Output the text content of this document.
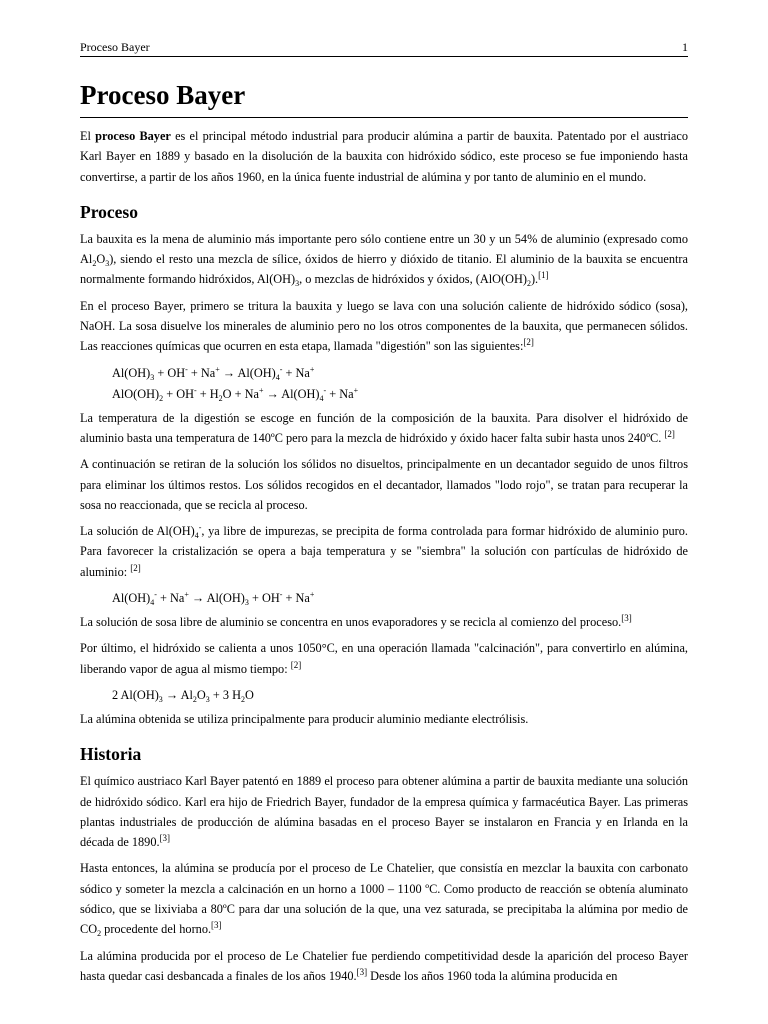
Proceso Bayer	1
Proceso Bayer

El proceso Bayer es el principal método industrial para producir alúmina a partir de bauxita. Patentado por el austriaco Karl Bayer en 1889 y basado en la disolución de la bauxita con hidróxido sódico, este proceso se fue imponiendo hasta convertirse, a partir de los años 1960, en la única fuente industrial de alúmina y por tanto de aluminio en el mundo.

Proceso

La bauxita es la mena de aluminio más importante pero sólo contiene entre un 30 y un 54% de aluminio (expresado como $Al_2O_3$), siendo el resto una mezcla de sílice, óxidos de hierro y dióxido de titanio. El aluminio de la bauxita se encuentra normalmente formando hidróxidos, $Al(OH)_3$, o mezclas de hidróxidos y óxidos, $(AlO(OH)_2).[1]$

En el proceso Bayer, primero se tritura la bauxita y luego se lava con una solución caliente de hidróxido sódico (sosa), NaOH. La sosa disuelve los minerales de aluminio pero no los otros componentes de la bauxita, que permanecen sólidos. Las reacciones químicas que ocurren en esta etapa, llamada "digestión" son las siguientes:[2]

$Al(OH)_3 + OH^- + Na^+ \to Al(OH)_4^- + Na^+$
$AlO(OH)_2 + OH^- + H_2O + Na^+ \to Al(OH)_4^- + Na^+$

La temperatura de la digestión se escoge en función de la composición de la bauxita. Para disolver el hidróxido de aluminio basta una temperatura de 140ºC pero para la mezcla de hidróxido y óxido hacer falta subir hasta unos 240ºC. [2]

A continuación se retiran de la solución los sólidos no disueltos, principalmente en un decantador seguido de unos filtros para eliminar los últimos restos. Los sólidos recogidos en el decantador, llamados "lodo rojo", se tratan para recuperar la sosa no reaccionada, que se recicla al proceso.

La solución de $Al(OH)_4^-$, ya libre de impurezas, se precipita de forma controlada para formar hidróxido de aluminio puro. Para favorecer la cristalización se opera a baja temperatura y se "siembra" la solución con partículas de hidróxido de aluminio: [2]

$Al(OH)_4^- + Na^+ \to Al(OH)_3 + OH^- + Na^+$

La solución de sosa libre de aluminio se concentra en unos evaporadores y se recicla al comienzo del proceso.[3]

Por último, el hidróxido se calienta a unos 1050°C, en una operación llamada "calcinación", para convertirlo en alúmina, liberando vapor de agua al mismo tiempo: [2]

2 $Al(OH)_3 \to Al_2O_3 + 3$ $H_2O$

La alúmina obtenida se utiliza principalmente para producir aluminio mediante electrólisis.

Historia

El químico austriaco Karl Bayer patentó en 1889 el proceso para obtener alúmina a partir de bauxita mediante una solución de hidróxido sódico. Karl era hijo de Friedrich Bayer, fundador de la empresa química y farmacéutica Bayer. Las primeras plantas industriales de producción de alúmina basadas en el proceso Bayer se instalaron en Francia y en Irlanda en la década de 1890.[3]

Hasta entonces, la alúmina se producía por el proceso de Le Chatelier, que consistía en mezclar la bauxita con carbonato sódico y someter la mezcla a calcinación en un horno a 1000 – 1100 ºC. Como producto de reacción se obtenía aluminato sódico, que se lixiviaba a 80ºC para dar una solución de la que, una vez saturada, se precipitaba la alúmina por medio de $CO_2$ procedente del horno.[3]

La alúmina producida por el proceso de Le Chatelier fue perdiendo competitividad desde la aparición del proceso Bayer hasta quedar casi desbancada a finales de los años 1940.[3] Desde los años 1960 toda la alúmina producida en
